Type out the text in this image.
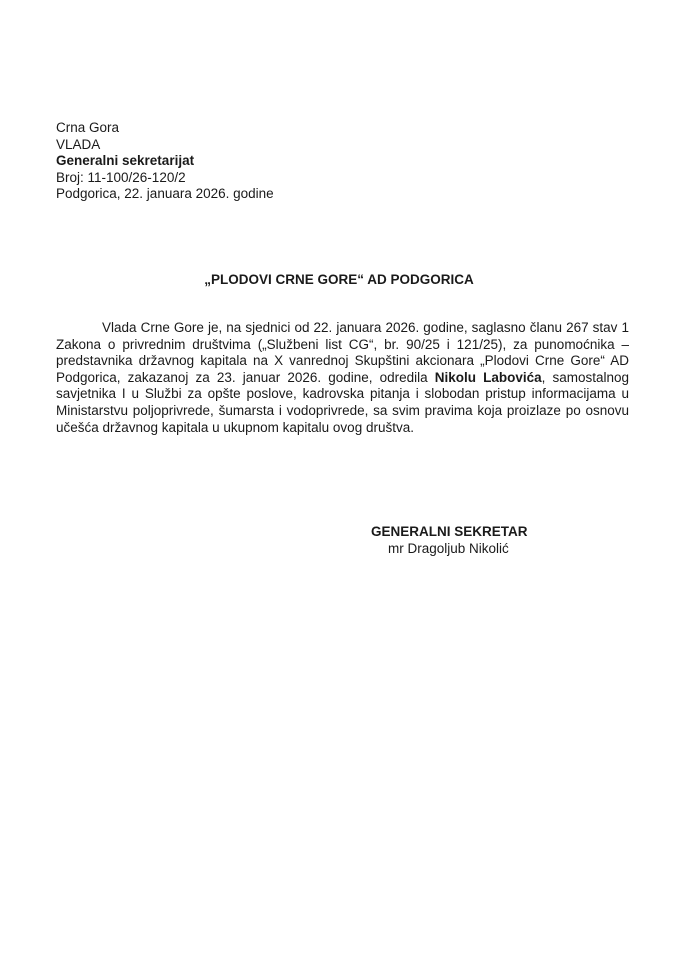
Crna Gora
VLADA
Generalni sekretarijat
Broj: 11-100/26-120/2
Podgorica, 22. januara 2026. godine
„PLODOVI CRNE GORE“ AD PODGORICA
Vlada Crne Gore je, na sjednici od 22. januara 2026. godine, saglasno članu 267 stav 1 Zakona o privrednim društvima („Službeni list CG“, br. 90/25 i 121/25), za punomoćnika – predstavnika državnog kapitala na X vanrednoj Skupštini akcionara „Plodovi Crne Gore“ AD Podgorica, zakazanoj za 23. januar 2026. godine, odredila Nikolu Labovića, samostalnog savjetnika I u Službi za opšte poslove, kadrovska pitanja i slobodan pristup informacijama u Ministarstvu poljoprivrede, šumarsta i vodoprivrede, sa svim pravima koja proizlaze po osnovu učešća državnog kapitala u ukupnom kapitalu ovog društva.
GENERALNI SEKRETAR
mr Dragoljub Nikolić
